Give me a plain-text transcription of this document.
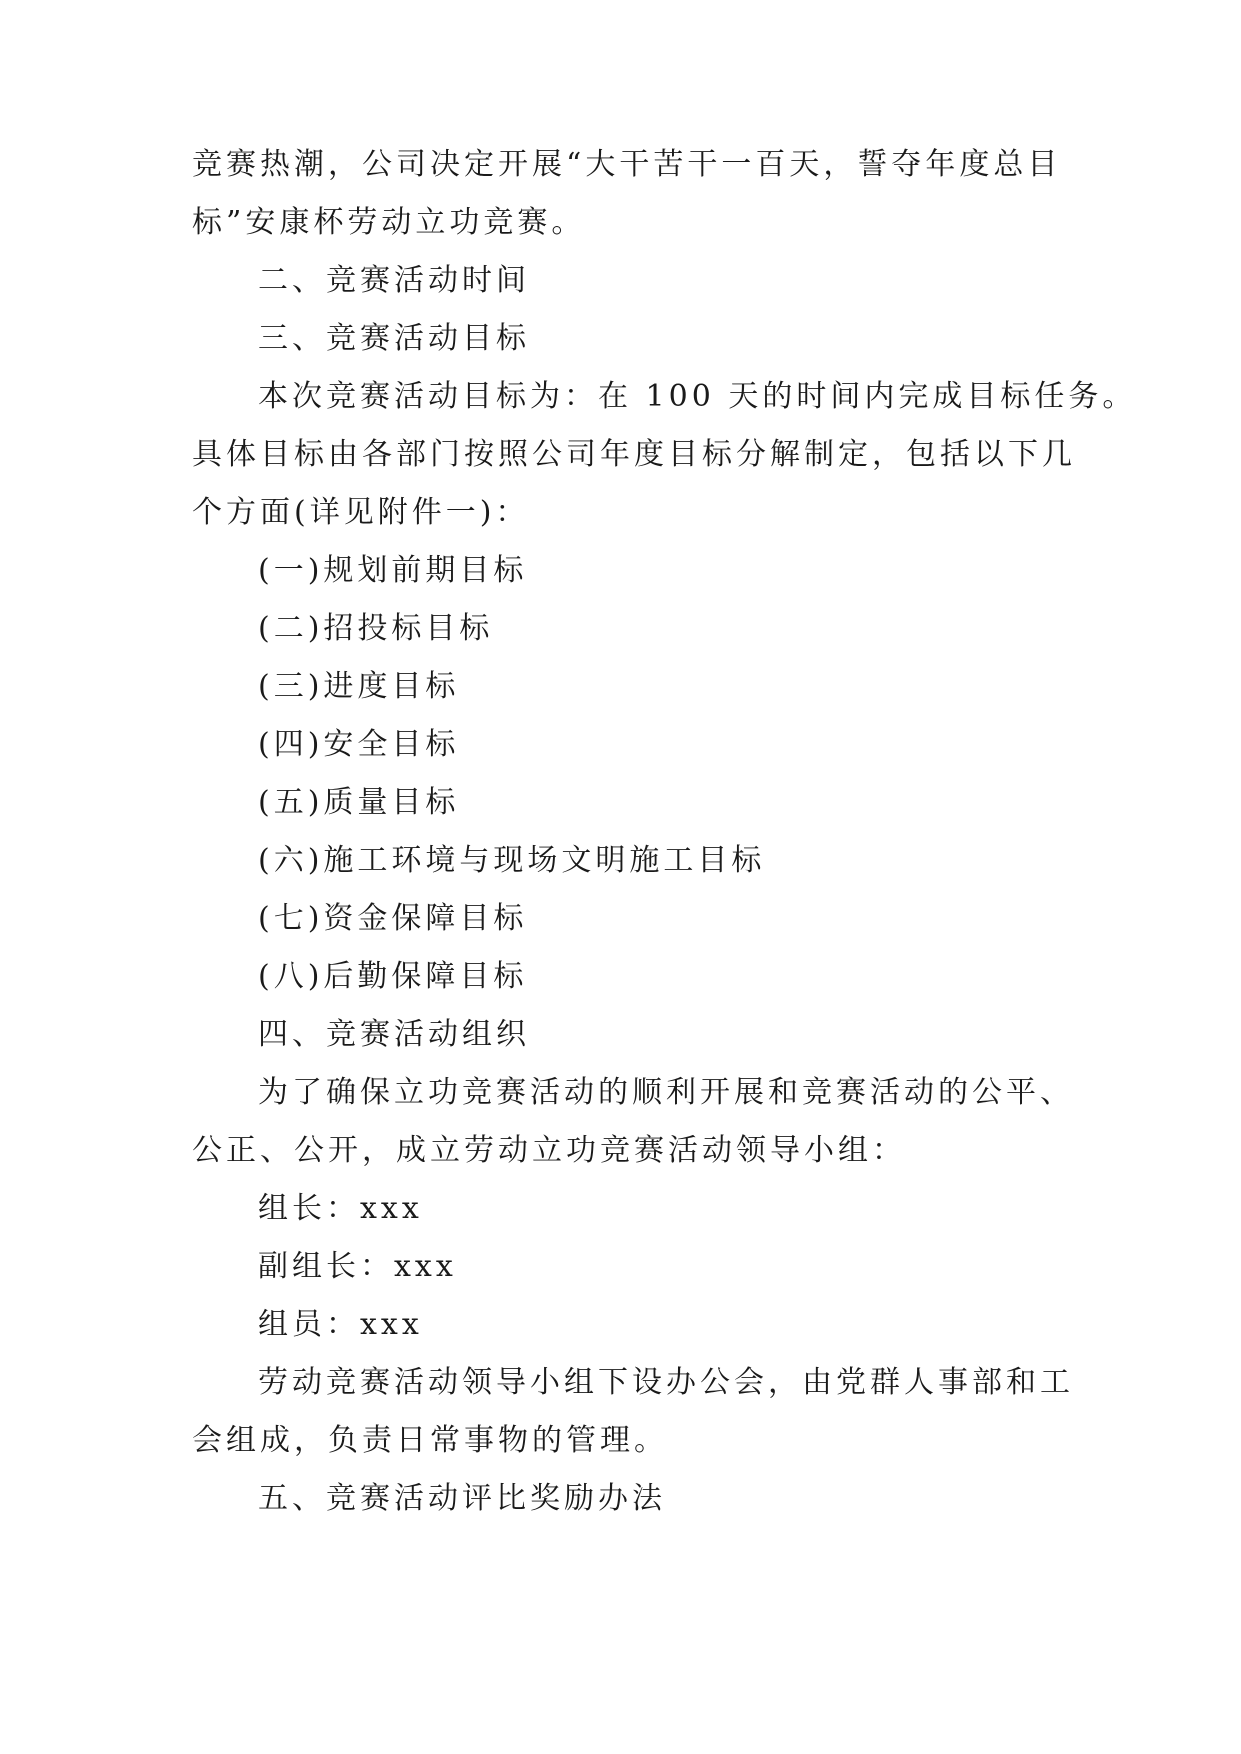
竞赛热潮，公司决定开展“大干苦干一百天，誓夺年度总目
标”安康杯劳动立功竞赛。
二、竞赛活动时间
三、竞赛活动目标
本次竞赛活动目标为：在 100 天的时间内完成目标任务。
具体目标由各部门按照公司年度目标分解制定，包括以下几
个方面(详见附件一)：
(一)规划前期目标
(二)招投标目标
(三)进度目标
(四)安全目标
(五)质量目标
(六)施工环境与现场文明施工目标
(七)资金保障目标
(八)后勤保障目标
四、竞赛活动组织
为了确保立功竞赛活动的顺利开展和竞赛活动的公平、
公正、公开，成立劳动立功竞赛活动领导小组：
组长：xxx
副组长：xxx
组员：xxx
劳动竞赛活动领导小组下设办公会，由党群人事部和工
会组成，负责日常事物的管理。
五、竞赛活动评比奖励办法
